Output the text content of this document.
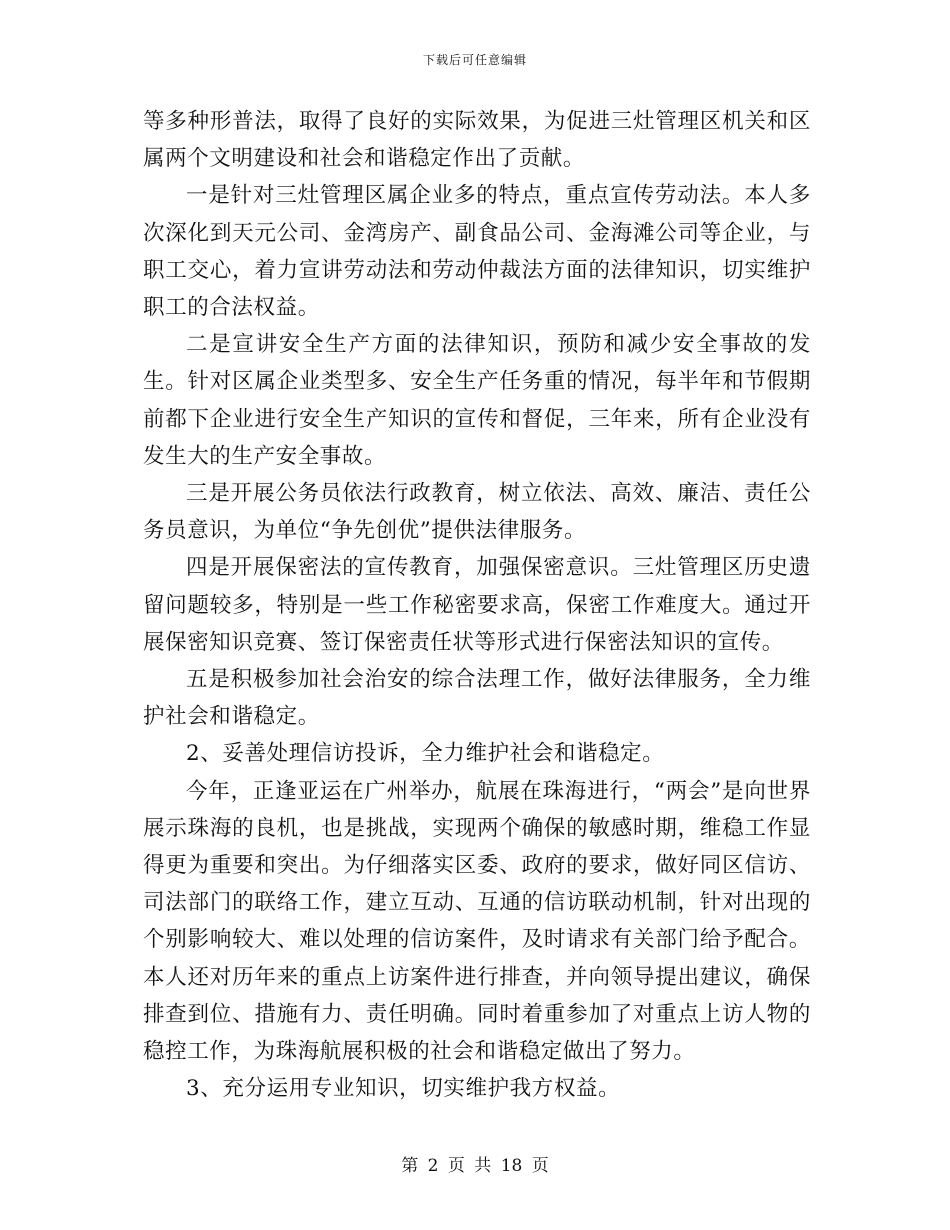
下载后可任意编辑

等多种形普法，取得了良好的实际效果，为促进三灶管理区机关和区属两个文明建设和社会和谐稳定作出了贡献。

一是针对三灶管理区属企业多的特点，重点宣传劳动法。本人多次深化到天元公司、金湾房产、副食品公司、金海滩公司等企业，与职工交心，着力宣讲劳动法和劳动仲裁法方面的法律知识，切实维护职工的合法权益。

二是宣讲安全生产方面的法律知识，预防和减少安全事故的发生。针对区属企业类型多、安全生产任务重的情况，每半年和节假期前都下企业进行安全生产知识的宣传和督促，三年来，所有企业没有发生大的生产安全事故。

三是开展公务员依法行政教育，树立依法、高效、廉洁、责任公务员意识，为单位“争先创优”提供法律服务。

四是开展保密法的宣传教育，加强保密意识。三灶管理区历史遗留问题较多，特别是一些工作秘密要求高，保密工作难度大。通过开展保密知识竞赛、签订保密责任状等形式进行保密法知识的宣传。

五是积极参加社会治安的综合法理工作，做好法律服务，全力维护社会和谐稳定。

2、妥善处理信访投诉，全力维护社会和谐稳定。

今年，正逢亚运在广州举办，航展在珠海进行，“两会”是向世界展示珠海的良机，也是挑战，实现两个确保的敏感时期，维稳工作显得更为重要和突出。为仔细落实区委、政府的要求，做好同区信访、司法部门的联络工作，建立互动、互通的信访联动机制，针对出现的个别影响较大、难以处理的信访案件，及时请求有关部门给予配合。本人还对历年来的重点上访案件进行排查，并向领导提出建议，确保排查到位、措施有力、责任明确。同时着重参加了对重点上访人物的稳控工作，为珠海航展积极的社会和谐稳定做出了努力。

3、充分运用专业知识，切实维护我方权益。

第 2 页 共 18 页
